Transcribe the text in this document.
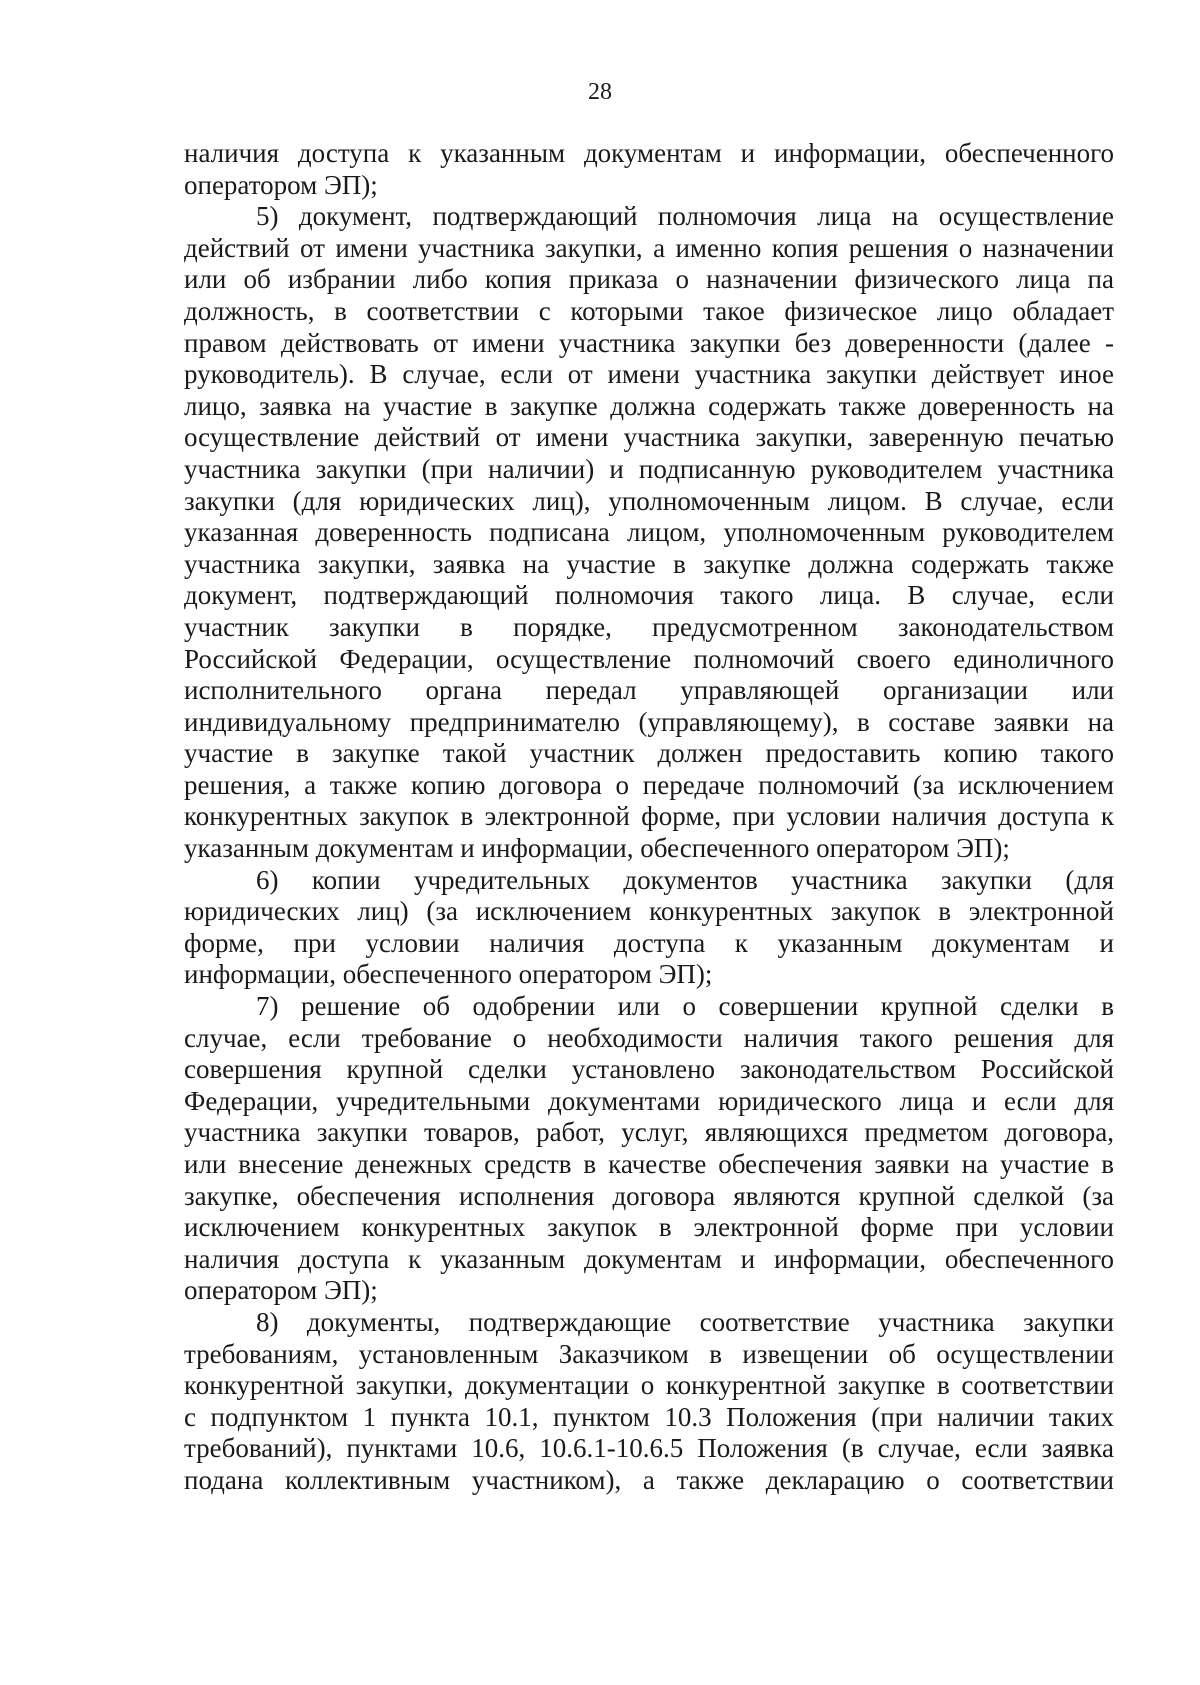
28
наличия доступа к указанным документам и информации, обеспеченного
оператором ЭП);
5) документ, подтверждающий полномочия лица на осуществление
действий от имени участника закупки, а именно копия решения о назначении
или об избрании либо копия приказа о назначении физического лица па
должность, в соответствии с которыми такое физическое лицо обладает
правом действовать от имени участника закупки без доверенности (далее -
руководитель). В случае, если от имени участника закупки действует иное
лицо, заявка на участие в закупке должна содержать также доверенность на
осуществление действий от имени участника закупки, заверенную печатью
участника закупки (при наличии) и подписанную руководителем участника
закупки (для юридических лиц), уполномоченным лицом. В случае, если
указанная доверенность подписана лицом, уполномоченным руководителем
участника закупки, заявка на участие в закупке должна содержать также
документ, подтверждающий полномочия такого лица. В случае, если
участник закупки в порядке, предусмотренном законодательством
Российской Федерации, осуществление полномочий своего единоличного
исполнительного органа передал управляющей организации или
индивидуальному предпринимателю (управляющему), в составе заявки на
участие в закупке такой участник должен предоставить копию такого
решения, а также копию договора о передаче полномочий (за исключением
конкурентных закупок в электронной форме, при условии наличия доступа к
указанным документам и информации, обеспеченного оператором ЭП);
6) копии учредительных документов участника закупки (для
юридических лиц) (за исключением конкурентных закупок в электронной
форме, при условии наличия доступа к указанным документам и
информации, обеспеченного оператором ЭП);
7) решение об одобрении или о совершении крупной сделки в
случае, если требование о необходимости наличия такого решения для
совершения крупной сделки установлено законодательством Российской
Федерации, учредительными документами юридического лица и если для
участника закупки товаров, работ, услуг, являющихся предметом договора,
или внесение денежных средств в качестве обеспечения заявки на участие в
закупке, обеспечения исполнения договора являются крупной сделкой (за
исключением конкурентных закупок в электронной форме при условии
наличия доступа к указанным документам и информации, обеспеченного
оператором ЭП);
8) документы, подтверждающие соответствие участника закупки
требованиям, установленным Заказчиком в извещении об осуществлении
конкурентной закупки, документации о конкурентной закупке в соответствии
с подпунктом 1 пункта 10.1, пунктом 10.3 Положения (при наличии таких
требований), пунктами 10.6, 10.6.1-10.6.5 Положения (в случае, если заявка
подана коллективным участником), а также декларацию о соответствии
